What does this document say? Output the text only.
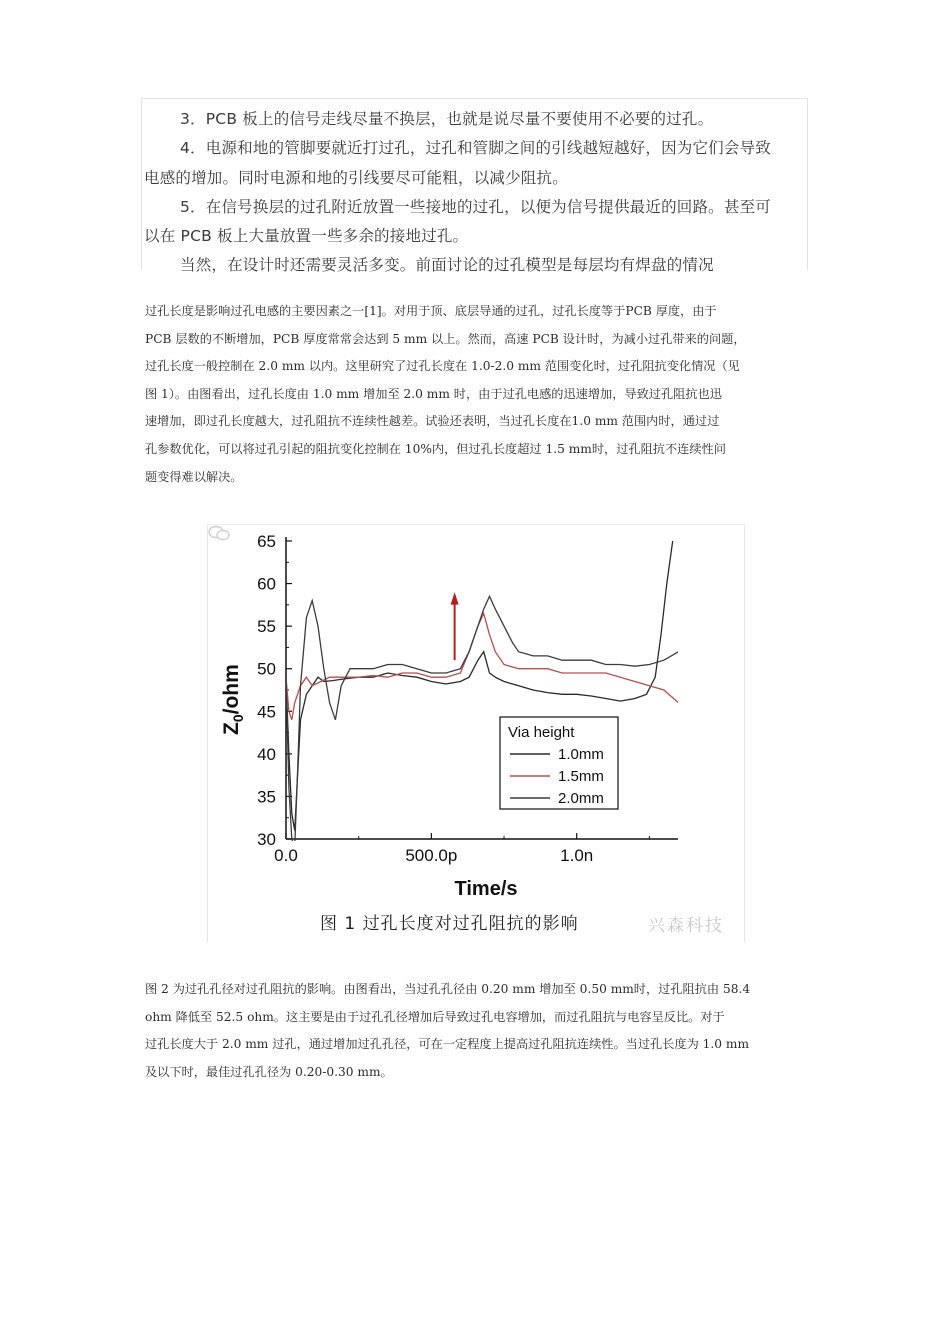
3．PCB 板上的信号走线尽量不换层，也就是说尽量不要使用不必要的过孔。
4．电源和地的管脚要就近打过孔，过孔和管脚之间的引线越短越好，因为它们会导致
电感的增加。同时电源和地的引线要尽可能粗，以减少阻抗。
5．在信号换层的过孔附近放置一些接地的过孔，以便为信号提供最近的回路。甚至可
以在 PCB 板上大量放置一些多余的接地过孔。
当然，在设计时还需要灵活多变。前面讨论的过孔模型是每层均有焊盘的情况
过孔长度是影响过孔电感的主要因素之一[1]。对用于顶、底层导通的过孔，过孔长度等于PCB 厚度，由于
PCB 层数的不断增加，PCB 厚度常常会达到 5 mm 以上。然而，高速 PCB 设计时，为减小过孔带来的问题，
过孔长度一般控制在 2.0 mm 以内。这里研究了过孔长度在 1.0-2.0 mm 范围变化时，过孔阻抗变化情况（见
图 1）。由图看出，过孔长度由 1.0 mm 增加至 2.0 mm 时，由于过孔电感的迅速增加，导致过孔阻抗也迅
速增加，即过孔长度越大，过孔阻抗不连续性越差。试验还表明，当过孔长度在1.0 mm 范围内时，通过过
孔参数优化，可以将过孔引起的阻抗变化控制在 10%内，但过孔长度超过 1.5 mm时，过孔阻抗不连续性问
题变得难以解决。
30
35
40
45
50
55
60
65
0.0	500.0p	1.0n
Time/s
$Z_0$/ohm
Via height
1.0mm
1.5mm
2.0mm
图 1 过孔长度对过孔阻抗的影响	兴森科技
图 2 为过孔孔径对过孔阻抗的影响。由图看出，当过孔孔径由 0.20 mm 增加至 0.50 mm时，过孔阻抗由 58.4
ohm 降低至 52.5 ohm。这主要是由于过孔孔径增加后导致过孔电容增加，而过孔阻抗与电容呈反比。对于
过孔长度大于 2.0 mm 过孔，通过增加过孔孔径，可在一定程度上提高过孔阻抗连续性。当过孔长度为 1.0 mm
及以下时，最佳过孔孔径为 0.20-0.30 mm。
